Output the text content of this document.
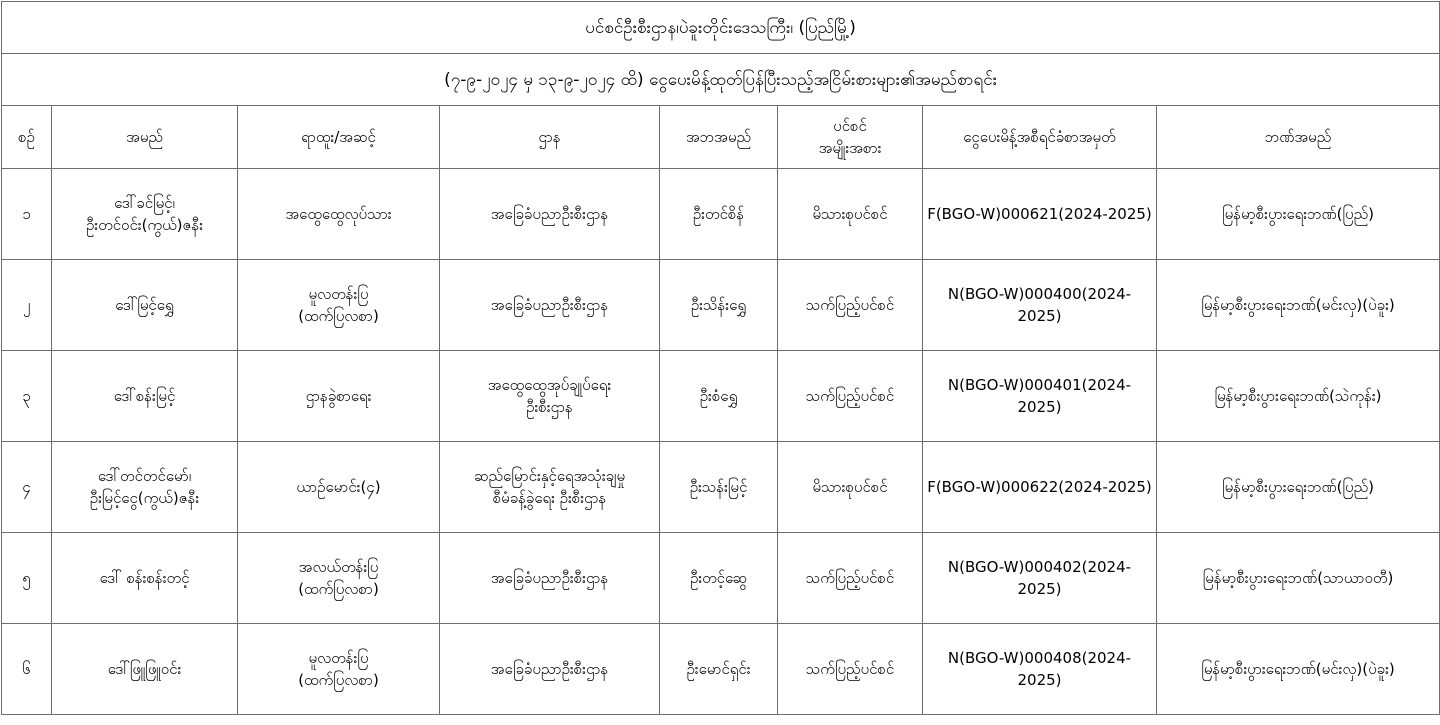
ပင်စင်ဦးစီးဌာန၊ပဲခူးတိုင်းဒေသကြီး၊ (ပြည်မြို့)							
(၇-၉-၂၀၂၄ မှ ၁၃-၉-၂၀၂၄ ထိ) ငွေပေးမိန့်ထုတ်ပြန်ပြီးသည့်အငြိမ်းစားများ၏အမည်စာရင်း							
စဉ်	အမည်	ရာထူး/အဆင့်	ဌာန	အဘအမည်	ပင်စင်
အမျိုးအစား	ငွေပေးမိန့်အစီရင်ခံစာအမှတ်	ဘဏ်အမည်
၁	ဒေါ်ခင်မြင့်၊
ဦးတင်ဝင်း(ကွယ်)ဇနီး	အထွေထွေလုပ်သား	အခြေခံပညာဦးစီးဌာန	ဦးတင်စိန်	မိသားစုပင်စင်	F(BGO-W)000621(2024-2025)	မြန်မာ့စီးပွားရေးဘဏ်(ပြည်)
၂	ဒေါ်မြင့်ရွှေ	မူလတန်းပြ
(ထက်ပြလစာ)	အခြေခံပညာဦးစီးဌာန	ဦးသိန်းရွှေ	သက်ပြည့်ပင်စင်	N(BGO-W)000400(2024-2025)	မြန်မာ့စီးပွားရေးဘဏ်(မင်းလှ)(ပဲခူး)
၃	ဒေါ်စန်းမြင့်	ဌာနခွဲစာရေး	အထွေထွေအုပ်ချုပ်ရေး
ဦးစီးဌာန	ဦးစံရွှေ	သက်ပြည့်ပင်စင်	N(BGO-W)000401(2024-2025)	မြန်မာ့စီးပွားရေးဘဏ်(သဲကုန်း)
၄	ဒေါ်တင်တင်မော်၊
ဦးမြင့်ငွေ(ကွယ်)ဇနီး	ယာဉ်မောင်း(၄)	ဆည်မြောင်းနှင့်ရေအသုံးချမှု
စီမံခန့်ခွဲရေး ဦးစီးဌာန	ဦးသန်းမြင့်	မိသားစုပင်စင်	F(BGO-W)000622(2024-2025)	မြန်မာ့စီးပွားရေးဘဏ်(ပြည်)
၅	ဒေါ် စန်းစန်းတင့်	အလယ်တန်းပြ
(ထက်ပြလစာ)	အခြေခံပညာဦးစီးဌာန	ဦးတင့်ဆွေ	သက်ပြည့်ပင်စင်	N(BGO-W)000402(2024-2025)	မြန်မာ့စီးပွားရေးဘဏ်(သာယာဝတီ)
၆	ဒေါ်ဖြူဖြူဝင်း	မူလတန်းပြ
(ထက်ပြလစာ)	အခြေခံပညာဦးစီးဌာန	ဦးမောင်ရှင်း	သက်ပြည့်ပင်စင်	N(BGO-W)000408(2024-2025)	မြန်မာ့စီးပွားရေးဘဏ်(မင်းလှ)(ပဲခူး)
